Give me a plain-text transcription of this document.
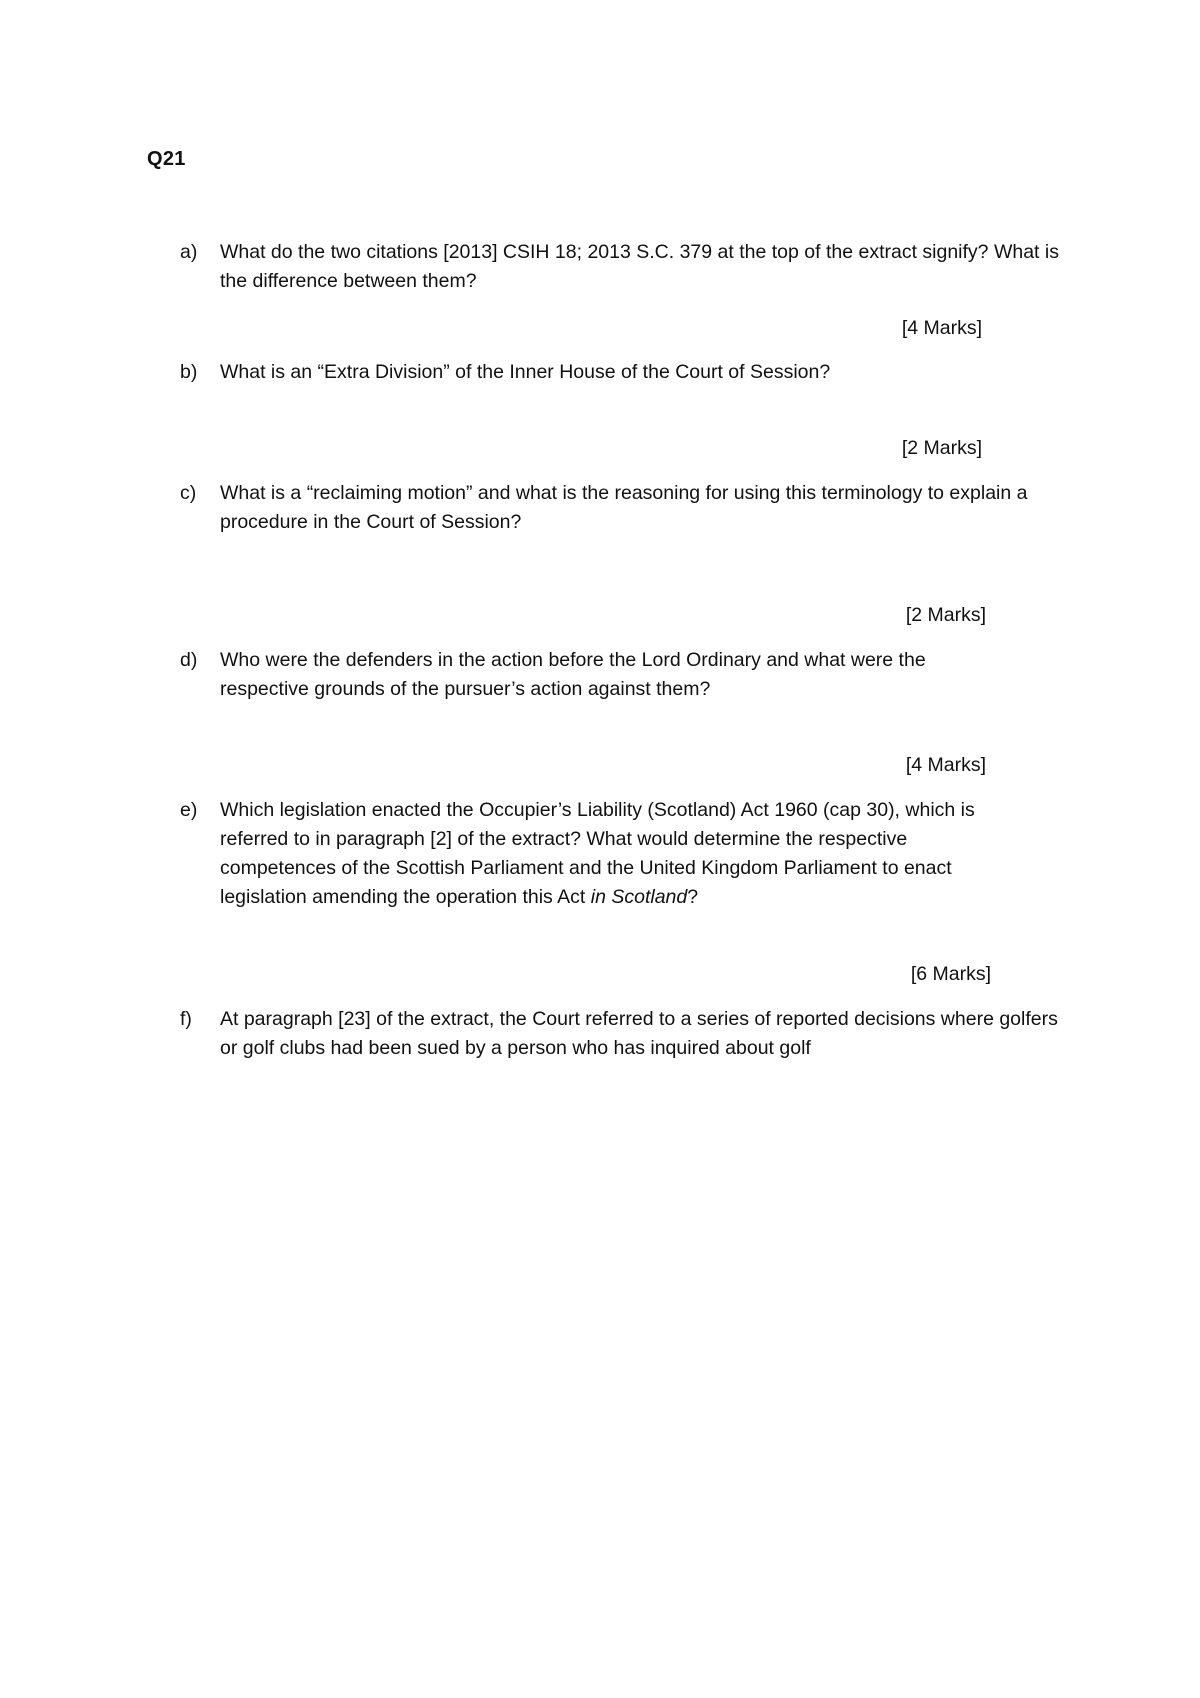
Q21
a)	What do the two citations [2013] CSIH 18; 2013 S.C. 379 at the top of the extract signify? What is the difference between them?
[4 Marks]
b)	What is an “Extra Division” of the Inner House of the Court of Session?
[2 Marks]
c)	What is a “reclaiming motion” and what is the reasoning for using this terminology to explain a procedure in the Court of Session?
[2 Marks]
d)	Who were the defenders in the action before the Lord Ordinary and what were the respective grounds of the pursuer’s action against them?
[4 Marks]
e)	Which legislation enacted the Occupier’s Liability (Scotland) Act 1960 (cap 30), which is referred to in paragraph [2] of the extract? What would determine the respective competences of the Scottish Parliament and the United Kingdom Parliament to enact legislation amending the operation this Act in Scotland?
[6 Marks]
f)	At paragraph [23] of the extract, the Court referred to a series of reported decisions where golfers or golf clubs had been sued by a person who has inquired about golf
